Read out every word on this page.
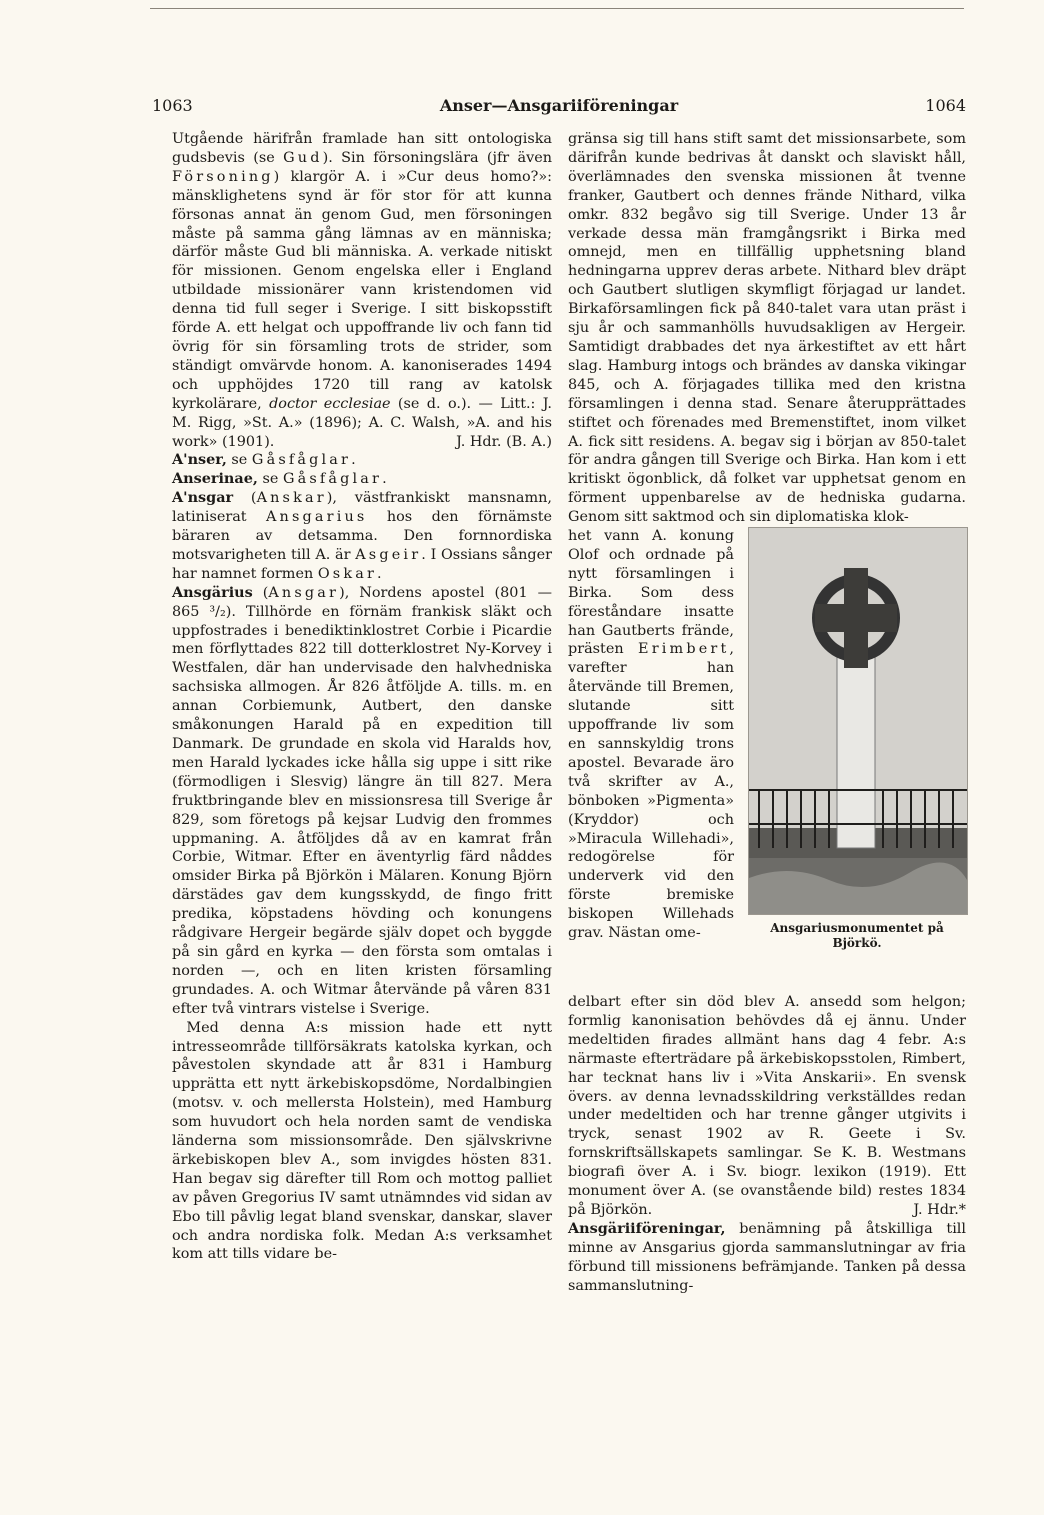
1063	Anser—Ansgariiföreningar	1064

Utgående härifrån framlade han sitt ontologiska gudsbevis (se Gud). Sin försoningslära (jfr även Försoning) klargör A. i »Cur deus homo?»: mänsklighetens synd är för stor för att kunna försonas annat än genom Gud, men försoningen måste på samma gång lämnas av en människa; därför måste Gud bli människa. A. verkade nitiskt för missionen. Genom engelska eller i England utbildade missionärer vann kristendomen vid denna tid full seger i Sverige. I sitt biskopsstift förde A. ett helgat och uppoffrande liv och fann tid övrig för sin församling trots de strider, som ständigt omvärvde honom. A. kanoniserades 1494 och upphöjdes 1720 till rang av katolsk kyrkolärare, doctor ecclesiae (se d. o.). — Litt.: J. M. Rigg, »St. A.» (1896); A. C. Walsh, »A. and his work» (1901).	J. Hdr. (B. A.)

A'nser, se Gåsfåglar.

Anserinae, se Gåsfåglar.

A'nsgar (Anskar), västfrankiskt mansnamn, latiniserat Ansgarius hos den förnämste bäraren av detsamma. Den fornnordiska motsvarigheten till A. är Asgeir. I Ossians sånger har namnet formen Oskar.

Ansgärius (Ansgar), Nordens apostel (801 —865 ³/₂). Tillhörde en förnäm frankisk släkt och uppfostrades i benediktinklostret Corbie i Picardie men förflyttades 822 till dotterklostret Ny-Korvey i Westfalen, där han undervisade den halvhedniska sachsiska allmogen. År 826 åtföljde A. tills. m. en annan Corbiemunk, Autbert, den danske småkonungen Harald på en expedition till Danmark. De grundade en skola vid Haralds hov, men Harald lyckades icke hålla sig uppe i sitt rike (förmodligen i Slesvig) längre än till 827. Mera fruktbringande blev en missionsresa till Sverige år 829, som företogs på kejsar Ludvig den frommes uppmaning. A. åtföljdes då av en kamrat från Corbie, Witmar. Efter en äventyrlig färd nåddes omsider Birka på Björkön i Mälaren. Konung Björn därstädes gav dem kungsskydd, de fingo fritt predika, köpstadens hövding och konungens rådgivare Hergeir begärde själv dopet och byggde på sin gård en kyrka — den första som omtalas i norden —, och en liten kristen församling grundades. A. och Witmar återvände på våren 831 efter två vintrars vistelse i Sverige.

Med denna A:s mission hade ett nytt intresseområde tillförsäkrats katolska kyrkan, och påvestolen skyndade att år 831 i Hamburg upprätta ett nytt ärkebiskopsdöme, Nordalbingien (motsv. v. och mellersta Holstein), med Hamburg som huvudort och hela norden samt de vendiska länderna som missionsområde. Den självskrivne ärkebiskopen blev A., som invigdes hösten 831. Han begav sig därefter till Rom och mottog palliet av påven Gregorius IV samt utnämndes vid sidan av Ebo till påvlig legat bland svenskar, danskar, slaver och andra nordiska folk. Medan A:s verksamhet kom att tills vidare be-

gränsa sig till hans stift samt det missionsarbete, som därifrån kunde bedrivas åt danskt och slaviskt håll, överlämnades den svenska missionen åt tvenne franker, Gautbert och dennes frände Nithard, vilka omkr. 832 begåvo sig till Sverige. Under 13 år verkade dessa män framgångsrikt i Birka med omnejd, men en tillfällig upphetsning bland hedningarna upprev deras arbete. Nithard blev dräpt och Gautbert slutligen skymfligt förjagad ur landet. Birkaförsamlingen fick på 840-talet vara utan präst i sju år och sammanhölls huvudsakligen av Hergeir. Samtidigt drabbades det nya ärkestiftet av ett hårt slag. Hamburg intogs och brändes av danska vikingar 845, och A. förjagades tillika med den kristna församlingen i denna stad. Senare återupprättades stiftet och förenades med Bremenstiftet, inom vilket A. fick sitt residens. A. begav sig i början av 850-talet för andra gången till Sverige och Birka. Han kom i ett kritiskt ögonblick, då folket var upphetsat genom en förment uppenbarelse av de hedniska gudarna. Genom sitt saktmod och sin diplomatiska klok-

het vann A. konung Olof och ordnade på nytt församlingen i Birka. Som dess föreståndare insatte han Gautberts frände, prästen Erimbert, varefter han återvände till Bremen, slutande sitt uppoffrande liv som en sannskyldig trons apostel. Bevarade äro två skrifter av A., bönboken »Pigmenta» (Kryddor) och »Miracula Willehadi», redogörelse för underverk vid den förste bremiske biskopen Willehads grav. Nästan ome-	Ansgariusmonumentet på Björkö.

delbart efter sin död blev A. ansedd som helgon; formlig kanonisation behövdes då ej ännu. Under medeltiden firades allmänt hans dag 4 febr. A:s närmaste efterträdare på ärkebiskopsstolen, Rimbert, har tecknat hans liv i »Vita Anskarii». En svensk övers. av denna levnadsskildring verkställdes redan under medeltiden och har trenne gånger utgivits i tryck, senast 1902 av R. Geete i Sv. fornskriftsällskapets samlingar. Se K. B. Westmans biografi över A. i Sv. biogr. lexikon (1919). Ett monument över A. (se ovanstående bild) restes 1834 på Björkön.	J. Hdr.*

Ansgäriiföreningar, benämning på åtskilliga till minne av Ansgarius gjorda sammanslutningar av fria förbund till missionens befrämjande. Tanken på dessa sammanslutning-
